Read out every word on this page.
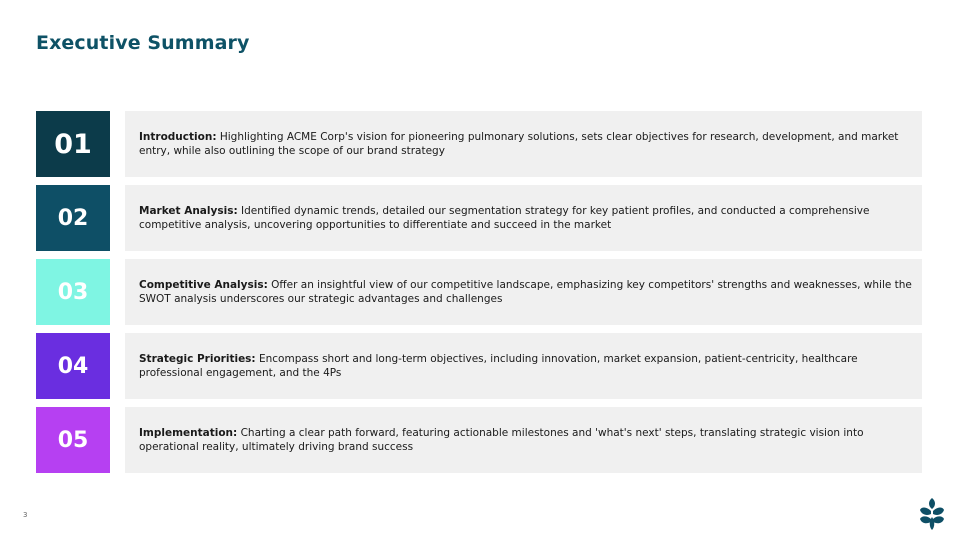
Executive Summary
01	Introduction: Highlighting ACME Corp's vision for pioneering pulmonary solutions, sets clear objectives for research, development, and market entry, while also outlining the scope of our brand strategy

02	Market Analysis: Identified dynamic trends, detailed our segmentation strategy for key patient profiles, and conducted a comprehensive competitive analysis, uncovering opportunities to differentiate and succeed in the market

03	Competitive Analysis: Offer an insightful view of our competitive landscape, emphasizing key competitors' strengths and weaknesses, while the SWOT analysis underscores our strategic advantages and challenges

04	Strategic Priorities: Encompass short and long-term objectives, including innovation, market expansion, patient-centricity, healthcare professional engagement, and the 4Ps

05	Implementation: Charting a clear path forward, featuring actionable milestones and 'what's next' steps, translating strategic vision into operational reality, ultimately driving brand success

3
